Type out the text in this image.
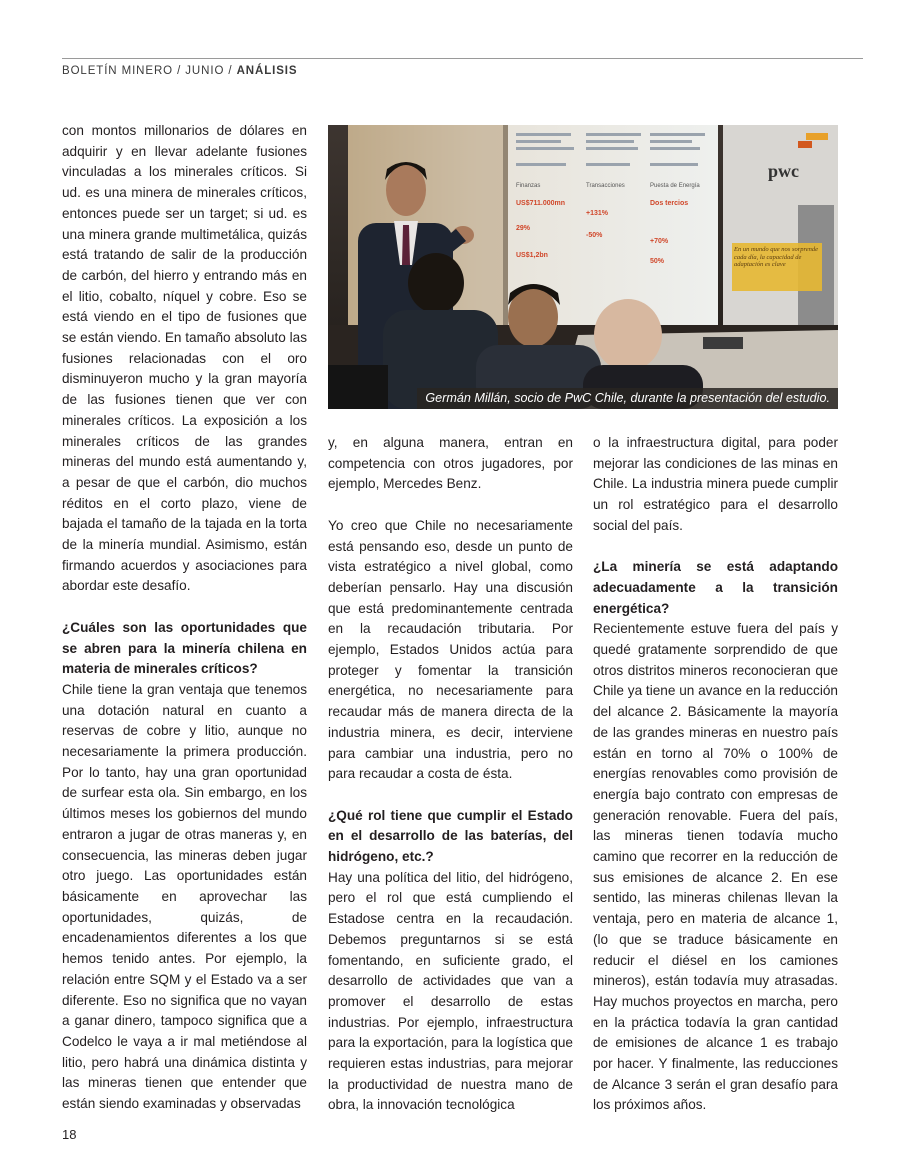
BOLETÍN MINERO / JUNIO / ANÁLISIS

con montos millonarios de dólares en adquirir y en llevar adelante fusiones vinculadas a los minerales críticos. Si ud. es una minera de minerales críticos, entonces puede ser un target; si ud. es una minera grande multimetálica, quizás está tratando de salir de la producción de carbón, del hierro y entrando más en el litio, cobalto, níquel y cobre. Eso se está viendo en el tipo de fusiones que se están viendo. En tamaño absoluto las fusiones relacionadas con el oro disminuyeron mucho y la gran mayoría de las fusiones tienen que ver con minerales críticos. La exposición a los minerales críticos de las grandes mineras del mundo está aumentando y, a pesar de que el carbón, dio muchos réditos en el corto plazo, viene de bajada el tamaño de la tajada en la torta de la minería mundial. Asimismo, están firmando acuerdos y asociaciones para abordar este desafío.

¿Cuáles son las oportunidades que se abren para la minería chilena en materia de minerales críticos?

Chile tiene la gran ventaja que tenemos una dotación natural en cuanto a reservas de cobre y litio, aunque no necesariamente la primera producción. Por lo tanto, hay una gran oportunidad de surfear esta ola. Sin embargo, en los últimos meses los gobiernos del mundo entraron a jugar de otras maneras y, en consecuencia, las mineras deben jugar otro juego. Las oportunidades están básicamente en aprovechar las oportunidades, quizás, de encadenamientos diferentes a los que hemos tenido antes. Por ejemplo, la relación entre SQM y el Estado va a ser diferente. Eso no significa que no vayan a ganar dinero, tampoco significa que a Codelco le vaya a ir mal metiéndose al litio, pero habrá una dinámica distinta y las mineras tienen que entender que están siendo examinadas y observadas

Finanzas	Transacciones	Puesta de Energía
US$711.000mn
29%
US$1,2bn
+131%
-50%
Dos tercios
+70%
50%
pwc
En un mundo que nos sorprende cada día, la capacidad de adaptación es clave
Germán Millán, socio de PwC Chile, durante la presentación del estudio.

y, en alguna manera, entran en competencia con otros jugadores, por ejemplo, Mercedes Benz.

Yo creo que Chile no necesariamente está pensando eso, desde un punto de vista estratégico a nivel global, como deberían pensarlo. Hay una discusión que está predominantemente centrada en la recaudación tributaria. Por ejemplo, Estados Unidos actúa para proteger y fomentar la transición energética, no necesariamente para recaudar más de manera directa de la industria minera, es decir, interviene para cambiar una industria, pero no para recaudar a costa de ésta.

¿Qué rol tiene que cumplir el Estado en el desarrollo de las baterías, del hidrógeno, etc.?

Hay una política del litio, del hidrógeno, pero el rol que está cumpliendo el Estadose centra en la recaudación. Debemos preguntarnos si se está fomentando, en suficiente grado, el desarrollo de actividades que van a promover el desarrollo de estas industrias. Por ejemplo, infraestructura para la exportación, para la logística que requieren estas industrias, para mejorar la productividad de nuestra mano de obra, la innovación tecnológica

o la infraestructura digital, para poder mejorar las condiciones de las minas en Chile. La industria minera puede cumplir un rol estratégico para el desarrollo social del país.

¿La minería se está adaptando adecuadamente a la transición energética?

Recientemente estuve fuera del país y quedé gratamente sorprendido de que otros distritos mineros reconocieran que Chile ya tiene un avance en la reducción del alcance 2. Básicamente la mayoría de las grandes mineras en nuestro país están en torno al 70% o 100% de energías renovables como provisión de energía bajo contrato con empresas de generación renovable. Fuera del país, las mineras tienen todavía mucho camino que recorrer en la reducción de sus emisiones de alcance 2. En ese sentido, las mineras chilenas llevan la ventaja, pero en materia de alcance 1, (lo que se traduce básicamente en reducir el diésel en los camiones mineros), están todavía muy atrasadas. Hay muchos proyectos en marcha, pero en la práctica todavía la gran cantidad de emisiones de alcance 1 es trabajo por hacer. Y finalmente, las reducciones de Alcance 3 serán el gran desafío para los próximos años.

18
